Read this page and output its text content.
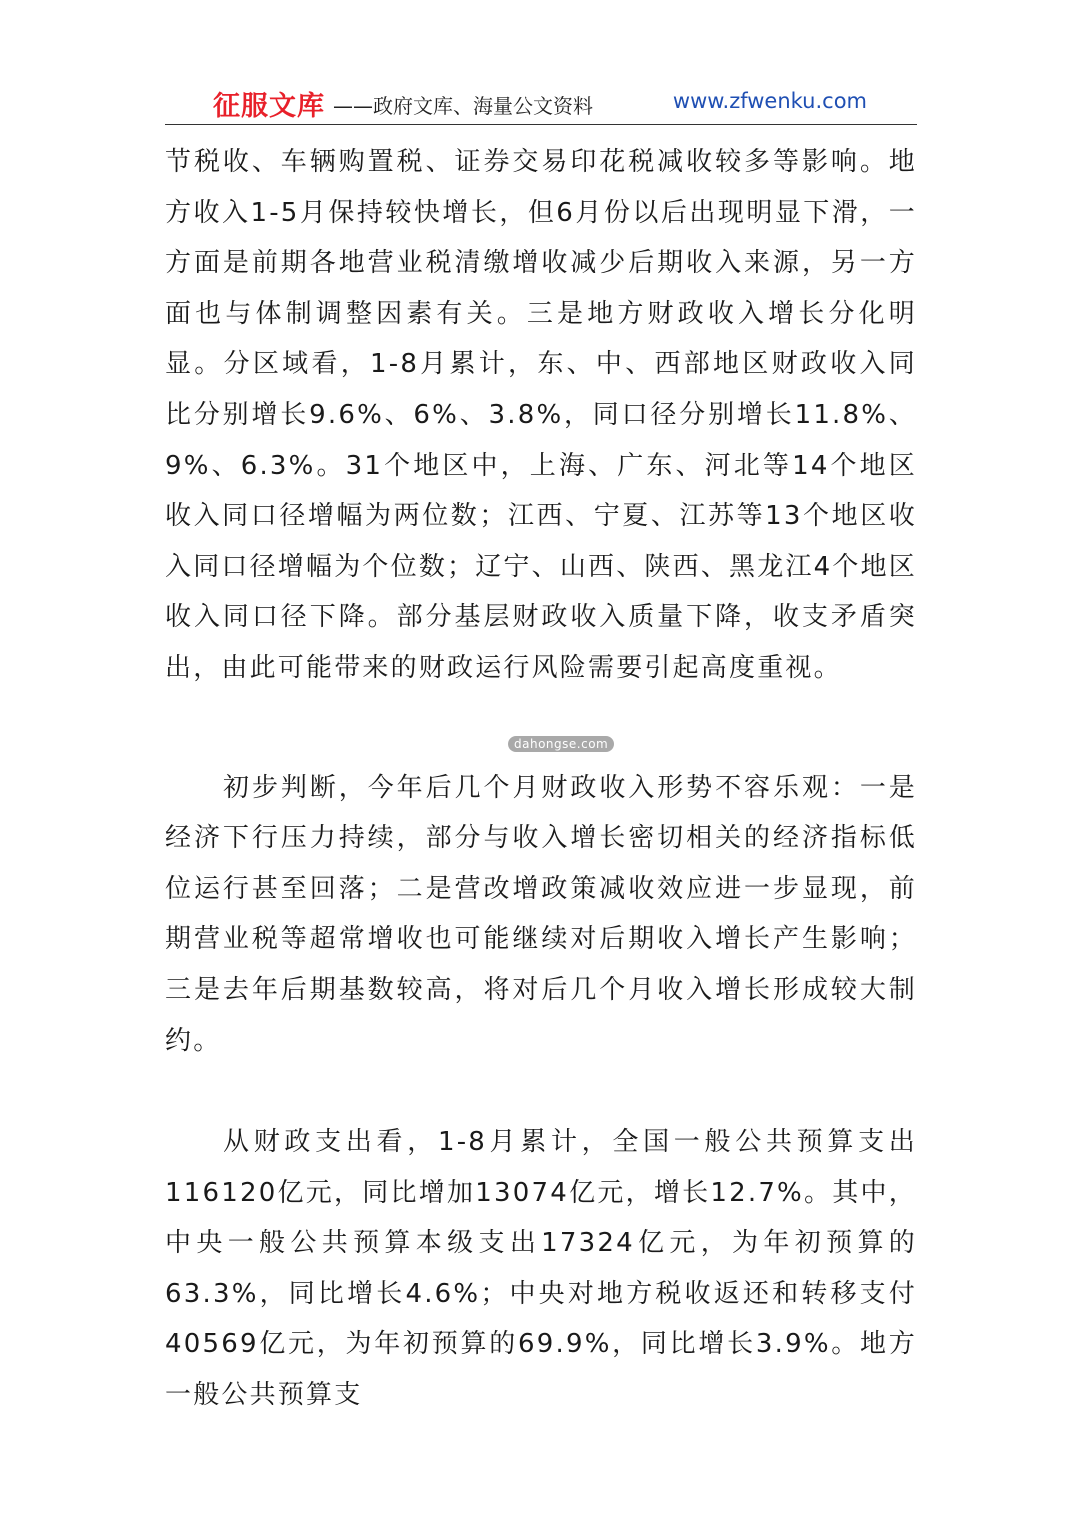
征服文库 ——政府文库、海量公文资料	www.zfwenku.com

节税收、车辆购置税、证券交易印花税减收较多等影响。地方收入1-5月保持较快增长，但6月份以后出现明显下滑，一方面是前期各地营业税清缴增收减少后期收入来源，另一方面也与体制调整因素有关。三是地方财政收入增长分化明显。分区域看，1-8月累计，东、中、西部地区财政收入同比分别增长9.6%、6%、3.8%，同口径分别增长11.8%、9%、6.3%。31个地区中，上海、广东、河北等14个地区收入同口径增幅为两位数；江西、宁夏、江苏等13个地区收入同口径增幅为个位数；辽宁、山西、陕西、黑龙江4个地区收入同口径下降。部分基层财政收入质量下降，收支矛盾突出，由此可能带来的财政运行风险需要引起高度重视。

初步判断，今年后几个月财政收入形势不容乐观：一是经济下行压力持续，部分与收入增长密切相关的经济指标低位运行甚至回落；二是营改增政策减收效应进一步显现，前期营业税等超常增收也可能继续对后期收入增长产生影响；三是去年后期基数较高，将对后几个月收入增长形成较大制约。

从财政支出看，1-8月累计，全国一般公共预算支出116120亿元，同比增加13074亿元，增长12.7%。其中，中央一般公共预算本级支出17324亿元，为年初预算的63.3%，同比增长4.6%；中央对地方税收返还和转移支付40569亿元，为年初预算的69.9%，同比增长3.9%。地方一般公共预算支

dahongse.com
